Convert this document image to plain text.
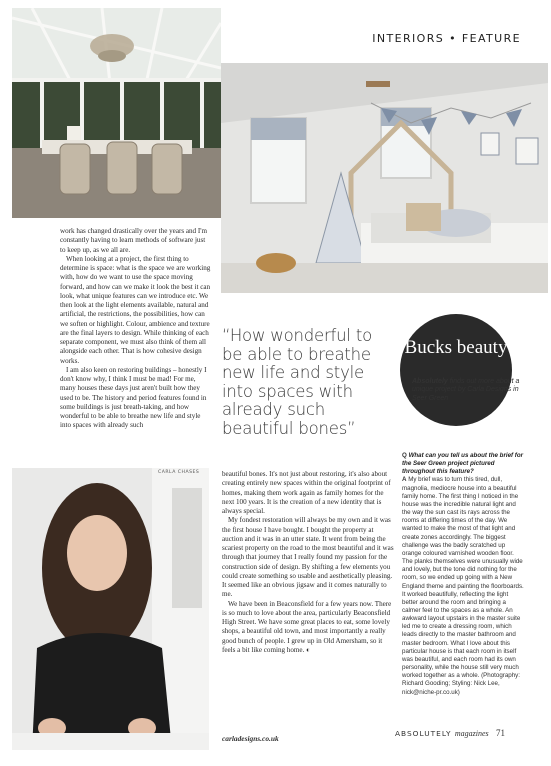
CARLA CHASES
INTERIORS • FEATURE

work has changed drastically over the years and I'm constantly having to learn methods of software just to keep up, as we all are.

When looking at a project, the first thing to determine is space: what is the space we are working with, how do we want to use the space moving forward, and how can we make it look the best it can look, what unique features can we introduce etc. We then look at the light elements available, natural and artificial, the restrictions, the possibilities, how can we soften or highlight. Colour, ambience and texture are the final layers to design. While thinking of each separate component, we must also think of them all alongside each other. That is how cohesive design works.

I am also keen on restoring buildings – honestly I don't know why, I think I must be mad! For me, many houses these days just aren't built how they used to be. The history and period features found in some buildings is just breath-taking, and how wonderful to be able to breathe new life and style into spaces with already such

“How wonderful to be able to breathe new life and style into spaces with already such beautiful bones”

beautiful bones. It's not just about restoring, it's also about creating entirely new spaces within the original footprint of homes, making them work again as family homes for the next 100 years. It is the creation of a new identity that is always special.

My fondest restoration will always be my own and it was the first house I have bought. I bought the property at auction and it was in an utter state. It went from being the scariest property on the road to the most beautiful and it was through that journey that I really found my passion for the construction side of design. By shifting a few elements you could create something so usable and aesthetically pleasing. It seemed like an obvious jigsaw and it comes naturally to me.

We have been in Beaconsfield for a few years now. There is so much to love about the area, particularly Beaconsfield High Street. We have some great places to eat, some lovely shops, a beautiful old town, and most importantly a really good bunch of people. I grew up in Old Amersham, so it feels a bit like coming home. ◐

carladesigns.co.uk
Bucks beauty
Absolutely finds out more about a unique project by Carla Designs in Seer Green
Q What can you tell us about the brief for the Seer Green project pictured throughout this feature?
A My brief was to turn this tired, dull, magnolia, mediocre house into a beautiful family home. The first thing I noticed in the house was the incredible natural light and the way the sun cast its rays across the rooms at differing times of the day. We wanted to make the most of that light and create zones accordingly. The biggest challenge was the badly scratched up orange coloured varnished wooden floor. The planks themselves were unusually wide and lovely, but the tone did nothing for the room, so we ended up going with a New England theme and painting the floorboards. It worked beautifully, reflecting the light better around the room and bringing a calmer feel to the spaces as a whole. An awkward layout upstairs in the master suite led me to create a dressing room, which leads directly to the master bathroom and master bedroom. What I love about this particular house is that each room in itself was beautiful, and each room had its own personality, while the house still very much worked together as a whole. (Photography: Richard Gooding; Styling: Nick Lee, nick@niche-pr.co.uk)
ABSOLUTELY magazines 71
